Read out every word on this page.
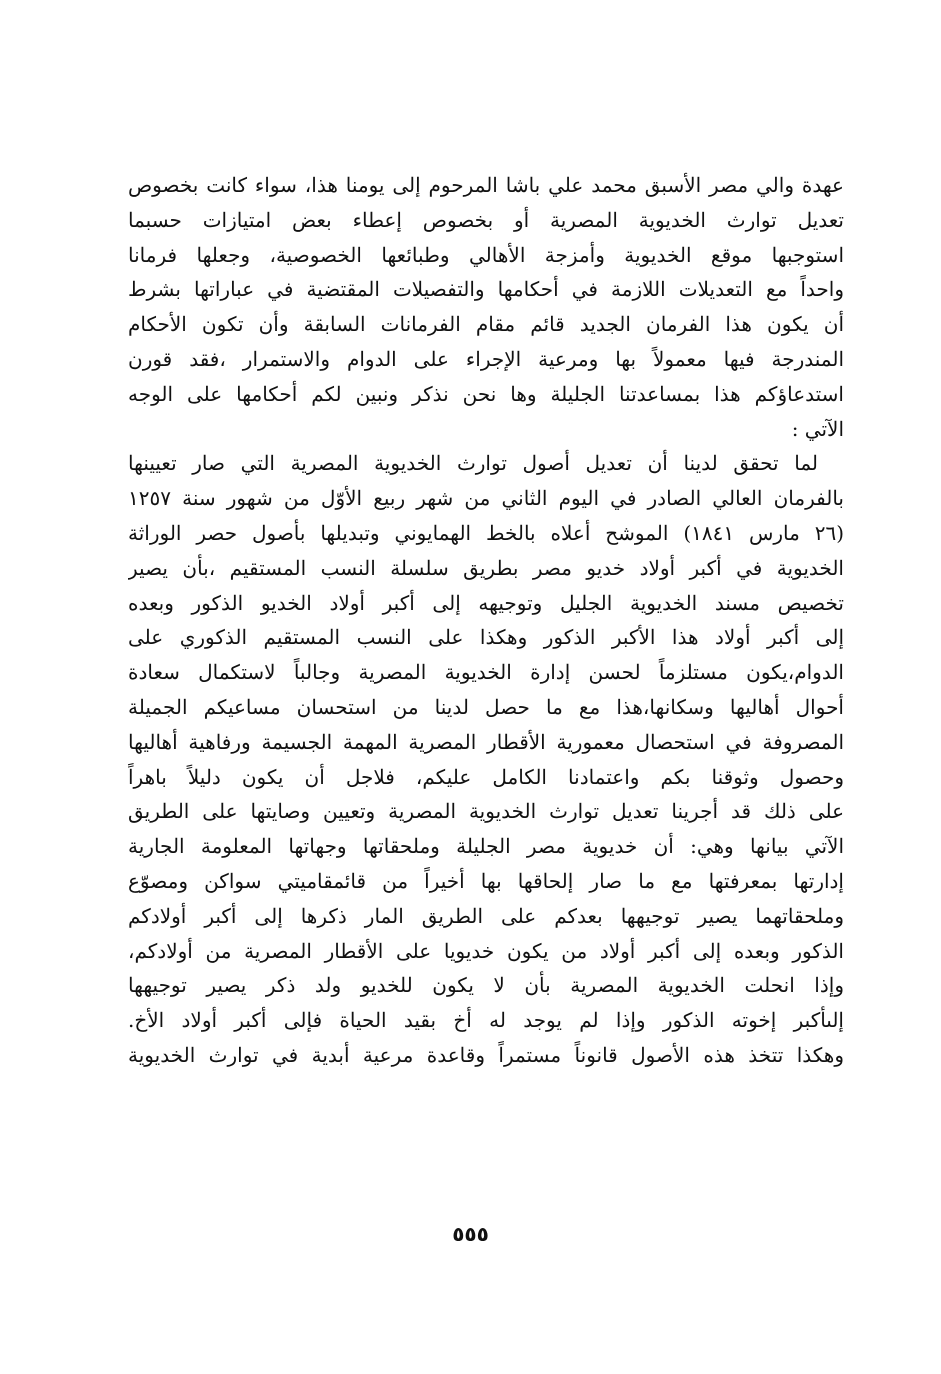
عهدة والي مصر الأسبق محمد علي باشا المرحوم إلى يومنا هذا، سواء كانت بخصوص
تعديل توارث الخديوية المصرية أو بخصوص إعطاء بعض امتيازات حسبما
استوجبها موقع الخديوية وأمزجة الأهالي وطبائعها الخصوصية، وجعلها فرمانا
واحداً مع التعديلات اللازمة في أحكامها والتفصيلات المقتضية في عباراتها بشرط
أن يكون هذا الفرمان الجديد قائم مقام الفرمانات السابقة وأن تكون الأحكام
المندرجة فيها معمولاً بها ومرعية الإجراء على الدوام والاستمرار ،فقد قورن
استدعاؤكم هذا بمساعدتنا الجليلة وها نحن نذكر ونبين لكم أحكامها على الوجه
الآتي :
لما تحقق لدينا أن تعديل أصول توارث الخديوية المصرية التي صار تعيينها
بالفرمان العالي الصادر في اليوم الثاني من شهر ربيع الأوّل من شهور سنة ١٢٥٧
(٢٦ مارس ١٨٤١) الموشح أعلاه بالخط الهمايوني وتبديلها بأصول حصر الوراثة
الخديوية في أكبر أولاد خديو مصر بطريق سلسلة النسب المستقيم ،بأن يصير
تخصيص مسند الخديوية الجليل وتوجيهه إلى أكبر أولاد الخديو الذكور وبعده
إلى أكبر أولاد هذا الأكبر الذكور وهكذا على النسب المستقيم الذكوري على
الدوام،يكون مستلزماً لحسن إدارة الخديوية المصرية وجالباً لاستكمال سعادة
أحوال أهاليها وسكانها،هذا مع ما حصل لدينا من استحسان مساعيكم الجميلة
المصروفة في استحصال معمورية الأقطار المصرية المهمة الجسيمة ورفاهية أهاليها
وحصول وثوقنا بكم واعتمادنا الكامل عليكم، فلاجل أن يكون دليلاً باهراً
على ذلك قد أجرينا تعديل توارث الخديوية المصرية وتعيين وصايتها على الطريق
الآتي بيانها وهي: أن خديوية مصر الجليلة وملحقاتها وجهاتها المعلومة الجارية
إدارتها بمعرفتها مع ما صار إلحاقها بها أخيراً من قائمقاميتي سواكن ومصوّع
وملحقاتهما يصير توجيهها بعدكم على الطريق المار ذكرها إلى أكبر أولادكم
الذكور وبعده إلى أكبر أولاد من يكون خديويا على الأقطار المصرية من أولادكم،
وإذا انحلت الخديوية المصرية بأن لا يكون للخديو ولد ذكر يصير توجيهها
إلىأكبر إخوته الذكور وإذا لم يوجد له أخ بقيد الحياة فإلى أكبر أولاد الأخ.
وهكذا تتخذ هذه الأصول قانوناً مستمراً وقاعدة مرعية أبدية في توارث الخديوية
٥٥٥
